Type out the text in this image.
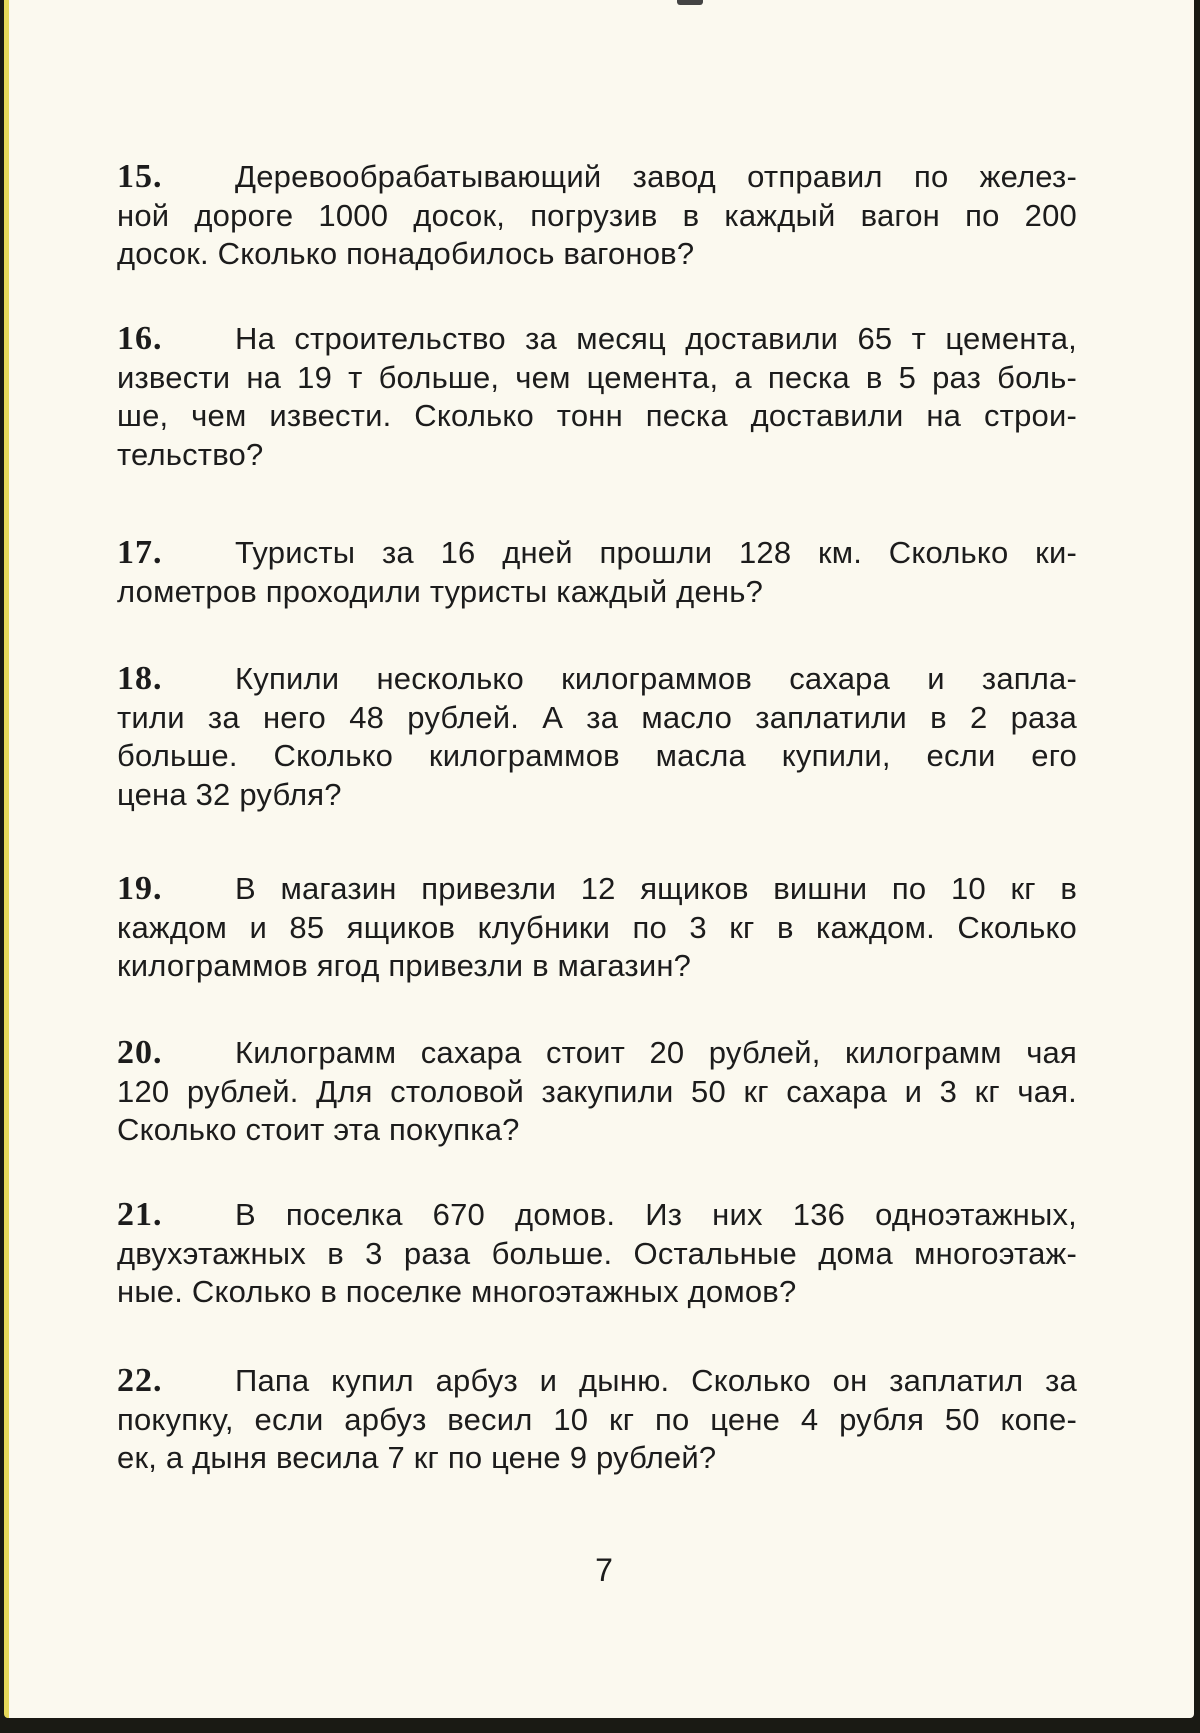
15.	Деревообрабатывающий завод отправил по желез-
ной дороге 1000 досок, погрузив в каждый вагон по 200
досок. Сколько понадобилось вагонов?
16.	На строительство за месяц доставили 65 т цемента,
извести на 19 т больше, чем цемента, а песка в 5 раз боль-
ше, чем извести. Сколько тонн песка доставили на строи-
тельство?
17.	Туристы за 16 дней прошли 128 км. Сколько ки-
лометров проходили туристы каждый день?
18.	Купили несколько килограммов сахара и запла-
тили за него 48 рублей. А за масло заплатили в 2 раза
больше. Сколько килограммов масла купили, если его
цена 32 рубля?
19.	В магазин привезли 12 ящиков вишни по 10 кг в
каждом и 85 ящиков клубники по 3 кг в каждом. Сколько
килограммов ягод привезли в магазин?
20.	Килограмм сахара стоит 20 рублей, килограмм чая
120 рублей. Для столовой закупили 50 кг сахара и 3 кг чая.
Сколько стоит эта покупка?
21.	В поселка 670 домов. Из них 136 одноэтажных,
двухэтажных в 3 раза больше. Остальные дома многоэтаж-
ные. Сколько в поселке многоэтажных домов?
22.	Папа купил арбуз и дыню. Сколько он заплатил за
покупку, если арбуз весил 10 кг по цене 4 рубля 50 копе-
ек, а дыня весила 7 кг по цене 9 рублей?
7
